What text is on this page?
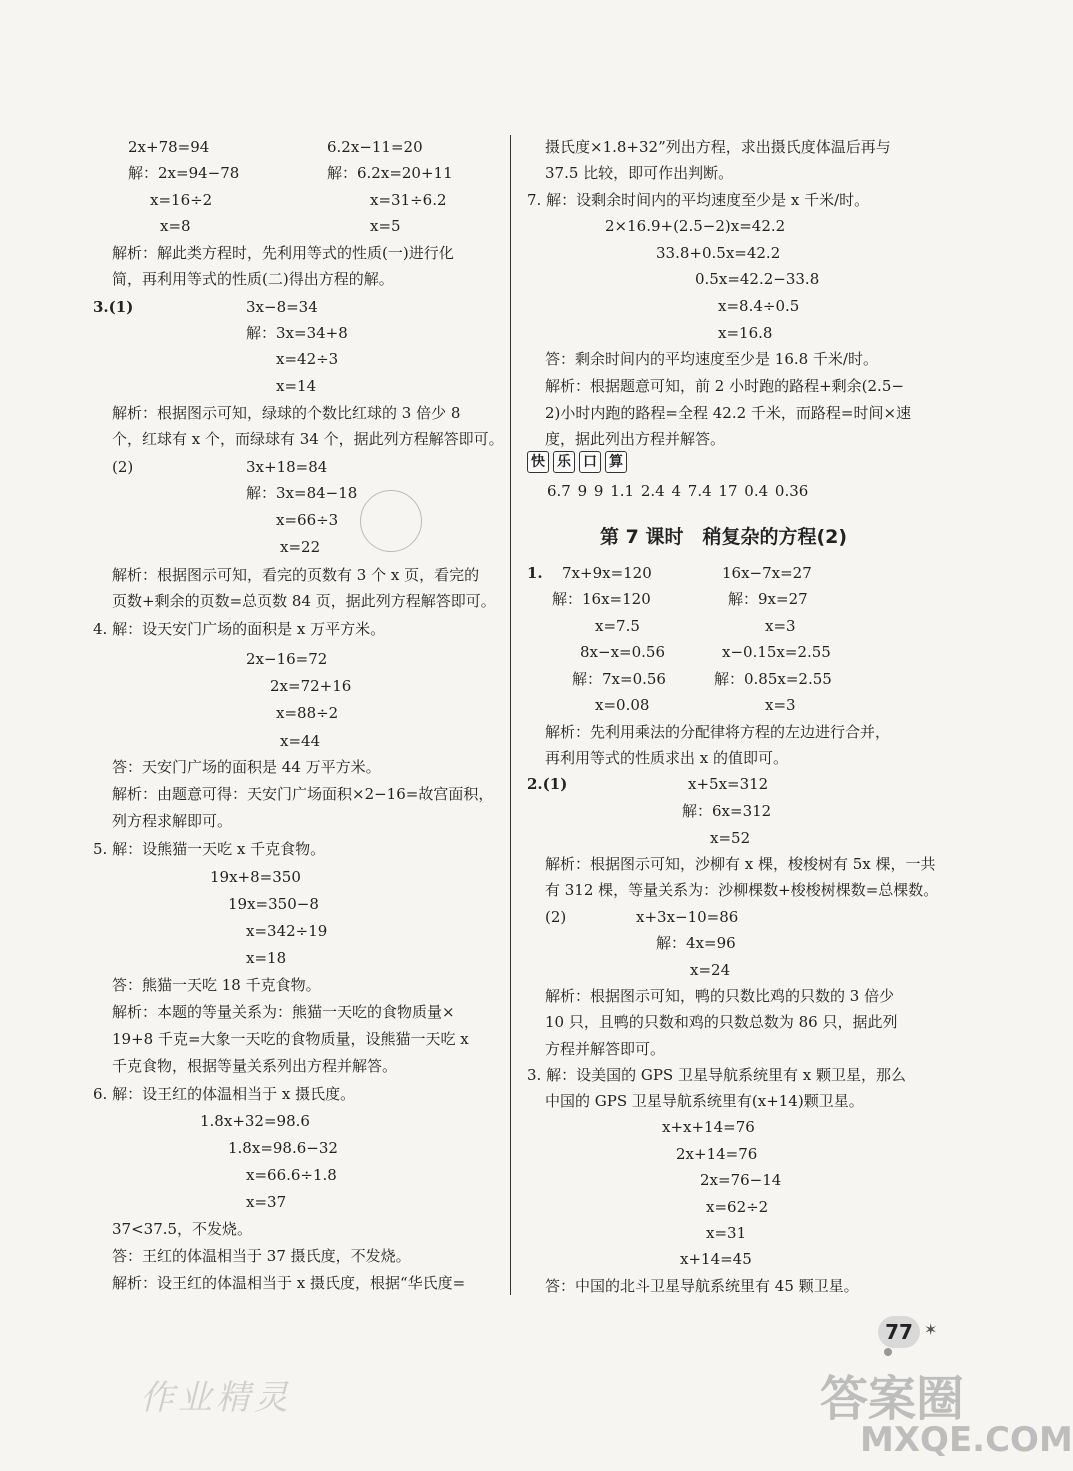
2x+78=94	6.2x−11=20
解：2x=94−78	解：6.2x=20+11
x=16÷2	x=31÷6.2
x=8	x=5
解析：解此类方程时，先利用等式的性质(一)进行化
简，再利用等式的性质(二)得出方程的解。
3.(1)	3x−8=34
解：3x=34+8
x=42÷3
x=14
解析：根据图示可知，绿球的个数比红球的 3 倍少 8
个，红球有 x 个，而绿球有 34 个，据此列方程解答即可。
(2)	3x+18=84
解：3x=84−18
x=66÷3
x=22
解析：根据图示可知，看完的页数有 3 个 x 页，看完的
页数+剩余的页数=总页数 84 页，据此列方程解答即可。
4. 解：设天安门广场的面积是 x 万平方米。
2x−16=72
2x=72+16
x=88÷2
x=44
答：天安门广场的面积是 44 万平方米。
解析：由题意可得：天安门广场面积×2−16=故宫面积，
列方程求解即可。
5. 解：设熊猫一天吃 x 千克食物。
19x+8=350
19x=350−8
x=342÷19
x=18
答：熊猫一天吃 18 千克食物。
解析：本题的等量关系为：熊猫一天吃的食物质量×
19+8 千克=大象一天吃的食物质量，设熊猫一天吃 x
千克食物，根据等量关系列出方程并解答。
6. 解：设王红的体温相当于 x 摄氏度。
1.8x+32=98.6
1.8x=98.6−32
x=66.6÷1.8
x=37
37<37.5，不发烧。
答：王红的体温相当于 37 摄氏度，不发烧。
解析：设王红的体温相当于 x 摄氏度，根据“华氏度=
摄氏度×1.8+32”列出方程，求出摄氏度体温后再与
37.5 比较，即可作出判断。
7. 解：设剩余时间内的平均速度至少是 x 千米/时。
2×16.9+(2.5−2)x=42.2
33.8+0.5x=42.2
0.5x=42.2−33.8
x=8.4÷0.5
x=16.8
答：剩余时间内的平均速度至少是 16.8 千米/时。
解析：根据题意可知，前 2 小时跑的路程+剩余(2.5−
2)小时内跑的路程=全程 42.2 千米，而路程=时间×速
度，据此列出方程并解答。
快 乐 口 算
6.7 9 9 1.1 2.4 4 7.4 17 0.4 0.36
第 7 课时　稍复杂的方程(2)
1. 7x+9x=120	16x−7x=27
解：16x=120	解：9x=27
x=7.5	x=3
8x−x=0.56	x−0.15x=2.55
解：7x=0.56	解：0.85x=2.55
x=0.08	x=3
解析：先利用乘法的分配律将方程的左边进行合并，
再利用等式的性质求出 x 的值即可。
2.(1)	x+5x=312
解：6x=312
x=52
解析：根据图示可知，沙柳有 x 棵，梭梭树有 5x 棵，一共
有 312 棵，等量关系为：沙柳棵数+梭梭树棵数=总棵数。
(2)	x+3x−10=86
解：4x=96
x=24
解析：根据图示可知，鸭的只数比鸡的只数的 3 倍少
10 只，且鸭的只数和鸡的只数总数为 86 只，据此列
方程并解答即可。
3. 解：设美国的 GPS 卫星导航系统里有 x 颗卫星，那么
中国的 GPS 卫星导航系统里有(x+14)颗卫星。
x+x+14=76
2x+14=76
2x=76−14
x=62÷2
x=31
x+14=45
答：中国的北斗卫星导航系统里有 45 颗卫星。
77 ✶
作业精灵	答案圈
MXQE.COM
